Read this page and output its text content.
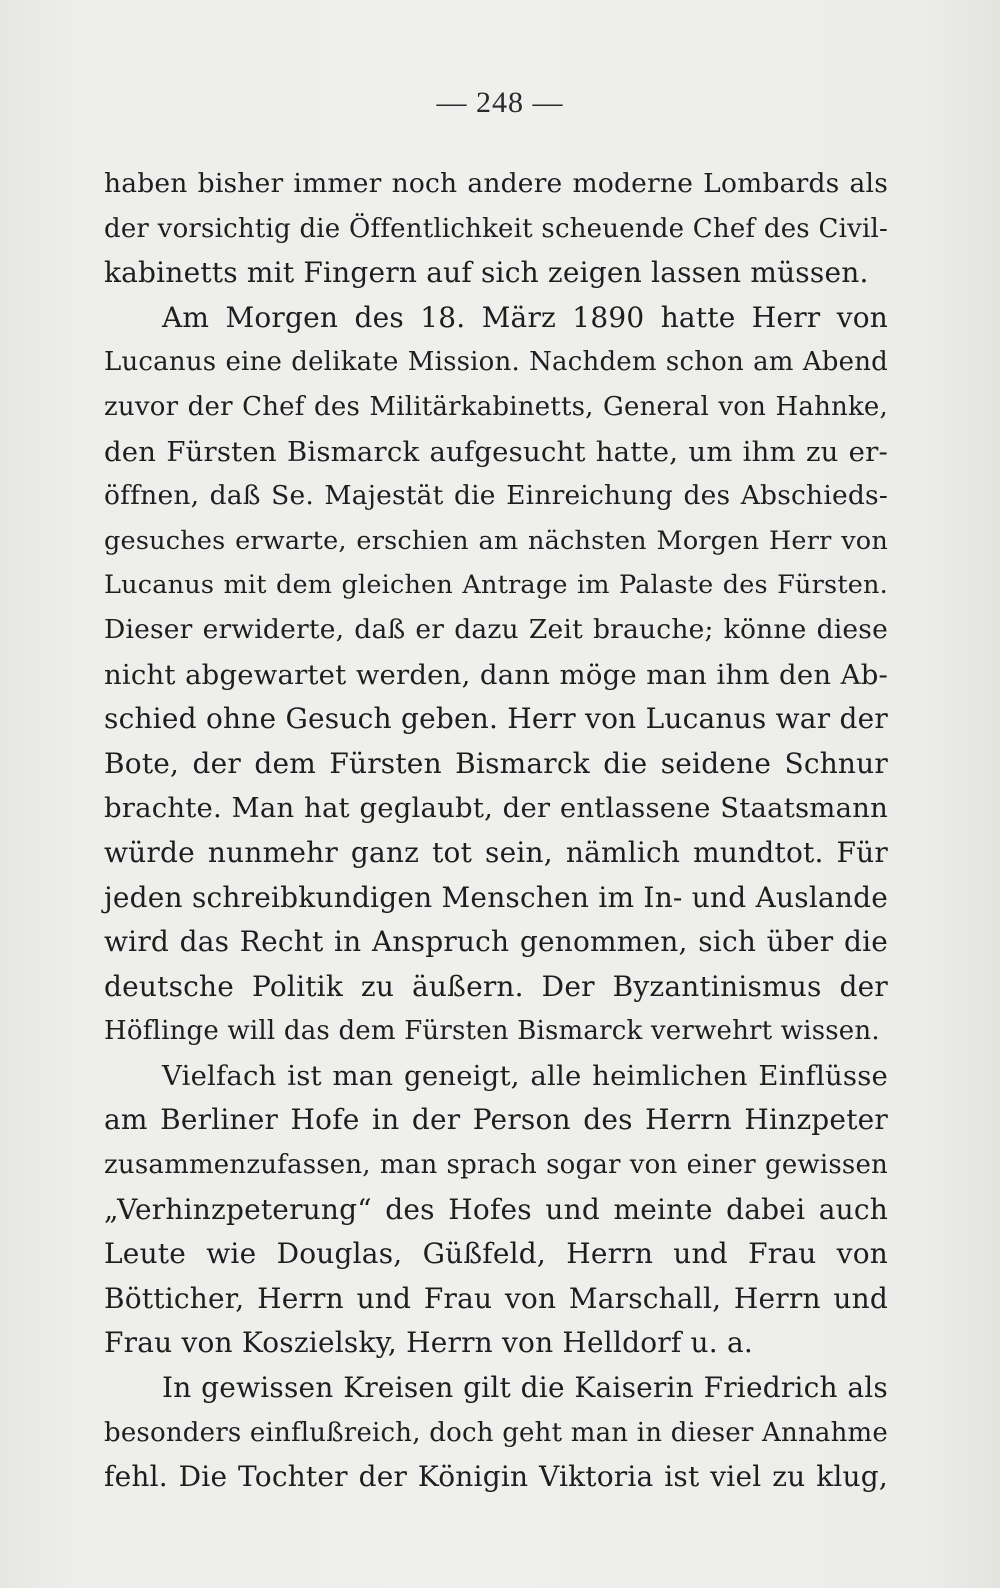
— 248 —
haben bisher immer noch andere moderne Lombards als
der vorsichtig die Öffentlichkeit scheuende Chef des Civil-
kabinetts mit Fingern auf sich zeigen lassen müssen.
Am Morgen des 18. März 1890 hatte Herr von
Lucanus eine delikate Mission. Nachdem schon am Abend
zuvor der Chef des Militärkabinetts, General von Hahnke,
den Fürsten Bismarck aufgesucht hatte, um ihm zu er-
öffnen, daß Se. Majestät die Einreichung des Abschieds-
gesuches erwarte, erschien am nächsten Morgen Herr von
Lucanus mit dem gleichen Antrage im Palaste des Fürsten.
Dieser erwiderte, daß er dazu Zeit brauche; könne diese
nicht abgewartet werden, dann möge man ihm den Ab-
schied ohne Gesuch geben. Herr von Lucanus war der
Bote, der dem Fürsten Bismarck die seidene Schnur
brachte. Man hat geglaubt, der entlassene Staatsmann
würde nunmehr ganz tot sein, nämlich mundtot. Für
jeden schreibkundigen Menschen im In- und Auslande
wird das Recht in Anspruch genommen, sich über die
deutsche Politik zu äußern. Der Byzantinismus der
Höflinge will das dem Fürsten Bismarck verwehrt wissen.
Vielfach ist man geneigt, alle heimlichen Einflüsse
am Berliner Hofe in der Person des Herrn Hinzpeter
zusammenzufassen, man sprach sogar von einer gewissen
„Verhinzpeterung“ des Hofes und meinte dabei auch
Leute wie Douglas, Güßfeld, Herrn und Frau von
Bötticher, Herrn und Frau von Marschall, Herrn und
Frau von Koszielsky, Herrn von Helldorf u. a.
In gewissen Kreisen gilt die Kaiserin Friedrich als
besonders einflußreich, doch geht man in dieser Annahme
fehl. Die Tochter der Königin Viktoria ist viel zu klug,
